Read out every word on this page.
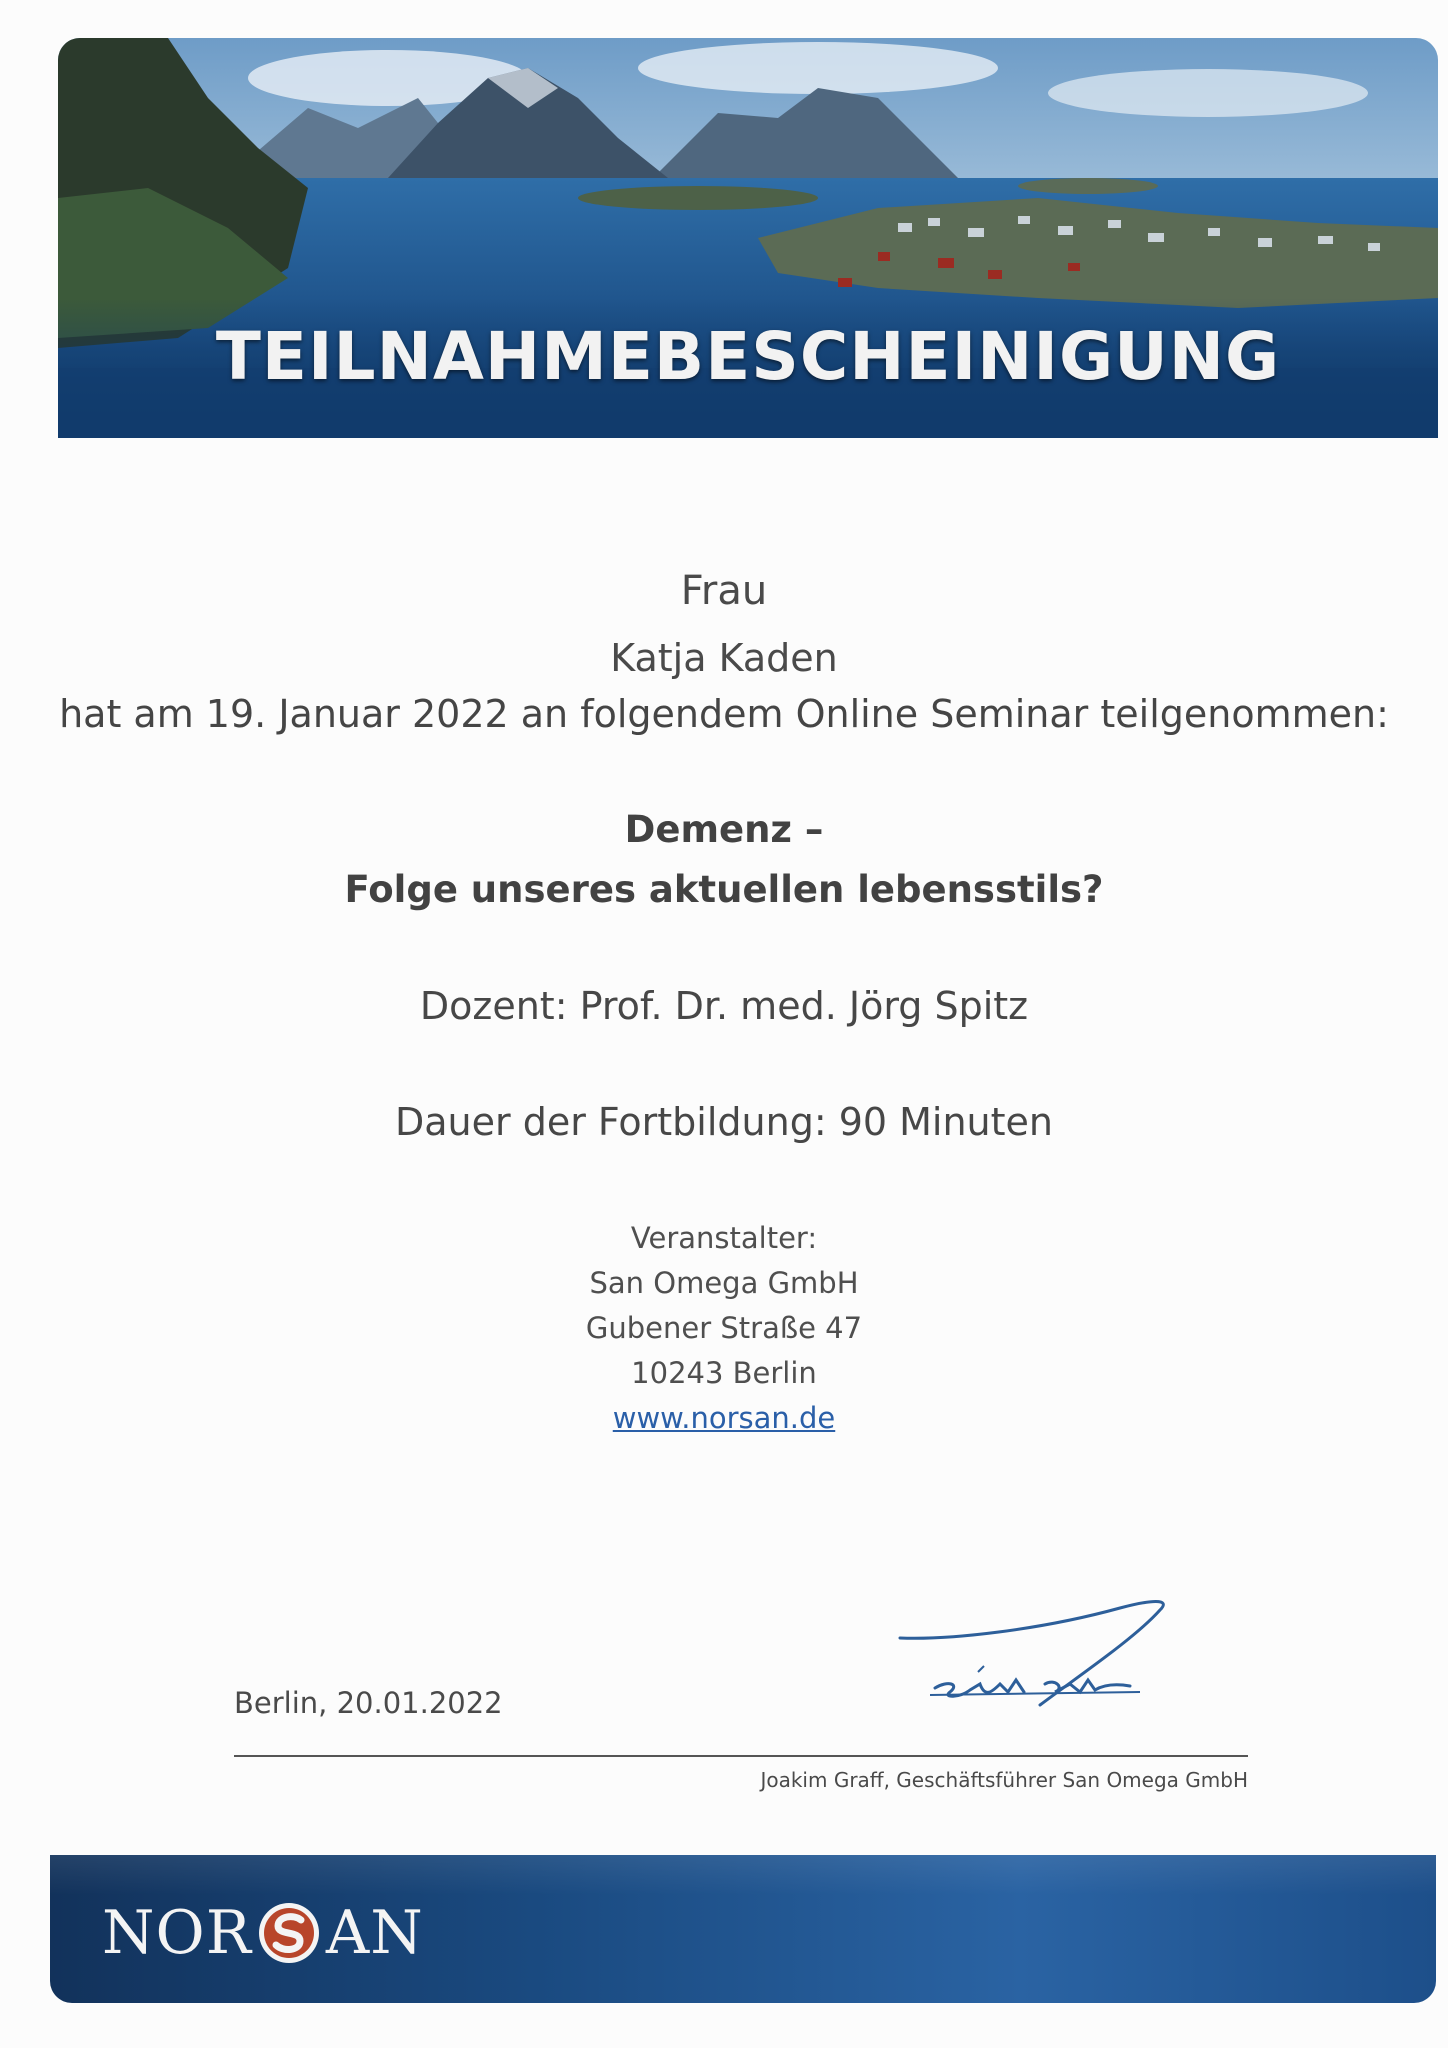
TEILNAHMEBESCHEINIGUNG
Frau
Katja Kaden
hat am 19. Januar 2022 an folgendem Online Seminar teilgenommen:
Demenz –
Folge unseres aktuellen lebensstils?
Dozent: Prof. Dr. med. Jörg Spitz
Dauer der Fortbildung: 90 Minuten
Veranstalter:
San Omega GmbH
Gubener Straße 47
10243 Berlin
www.norsan.de
Berlin, 20.01.2022
Joakim Graff, Geschäftsführer San Omega GmbH
NOR AN
